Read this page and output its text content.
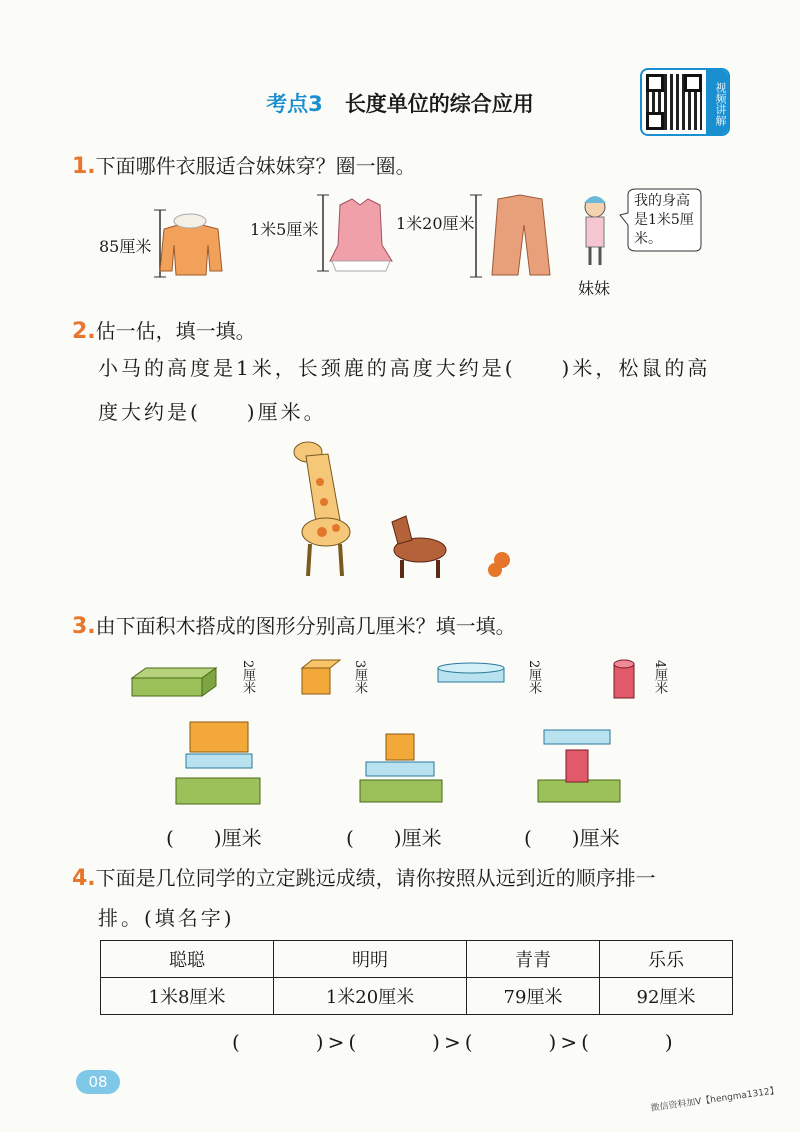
考点3 长度单位的综合应用	视频讲解
1.下面哪件衣服适合妹妹穿？圈一圈。
85厘米
1米5厘米	1米20厘米
我的身高是1米5厘米。
妹妹
2.估一估，填一填。
小马的高度是1米，长颈鹿的高度大约是(　　)米，松鼠的高
度大约是(　　)厘米。
3.由下面积木搭成的图形分别高几厘米？填一填。
2厘米	3厘米	2厘米	4厘米
(　　)厘米	(　　)厘米	(　　)厘米
4.下面是几位同学的立定跳远成绩，请你按照从远到近的顺序排一
排。(填名字)
聪聪	明明	青青	乐乐
1米8厘米	1米20厘米	79厘米	92厘米
(　　　)>(　　　)>(　　　)>(　　　)
08
微信资料加V【hengma1312】
